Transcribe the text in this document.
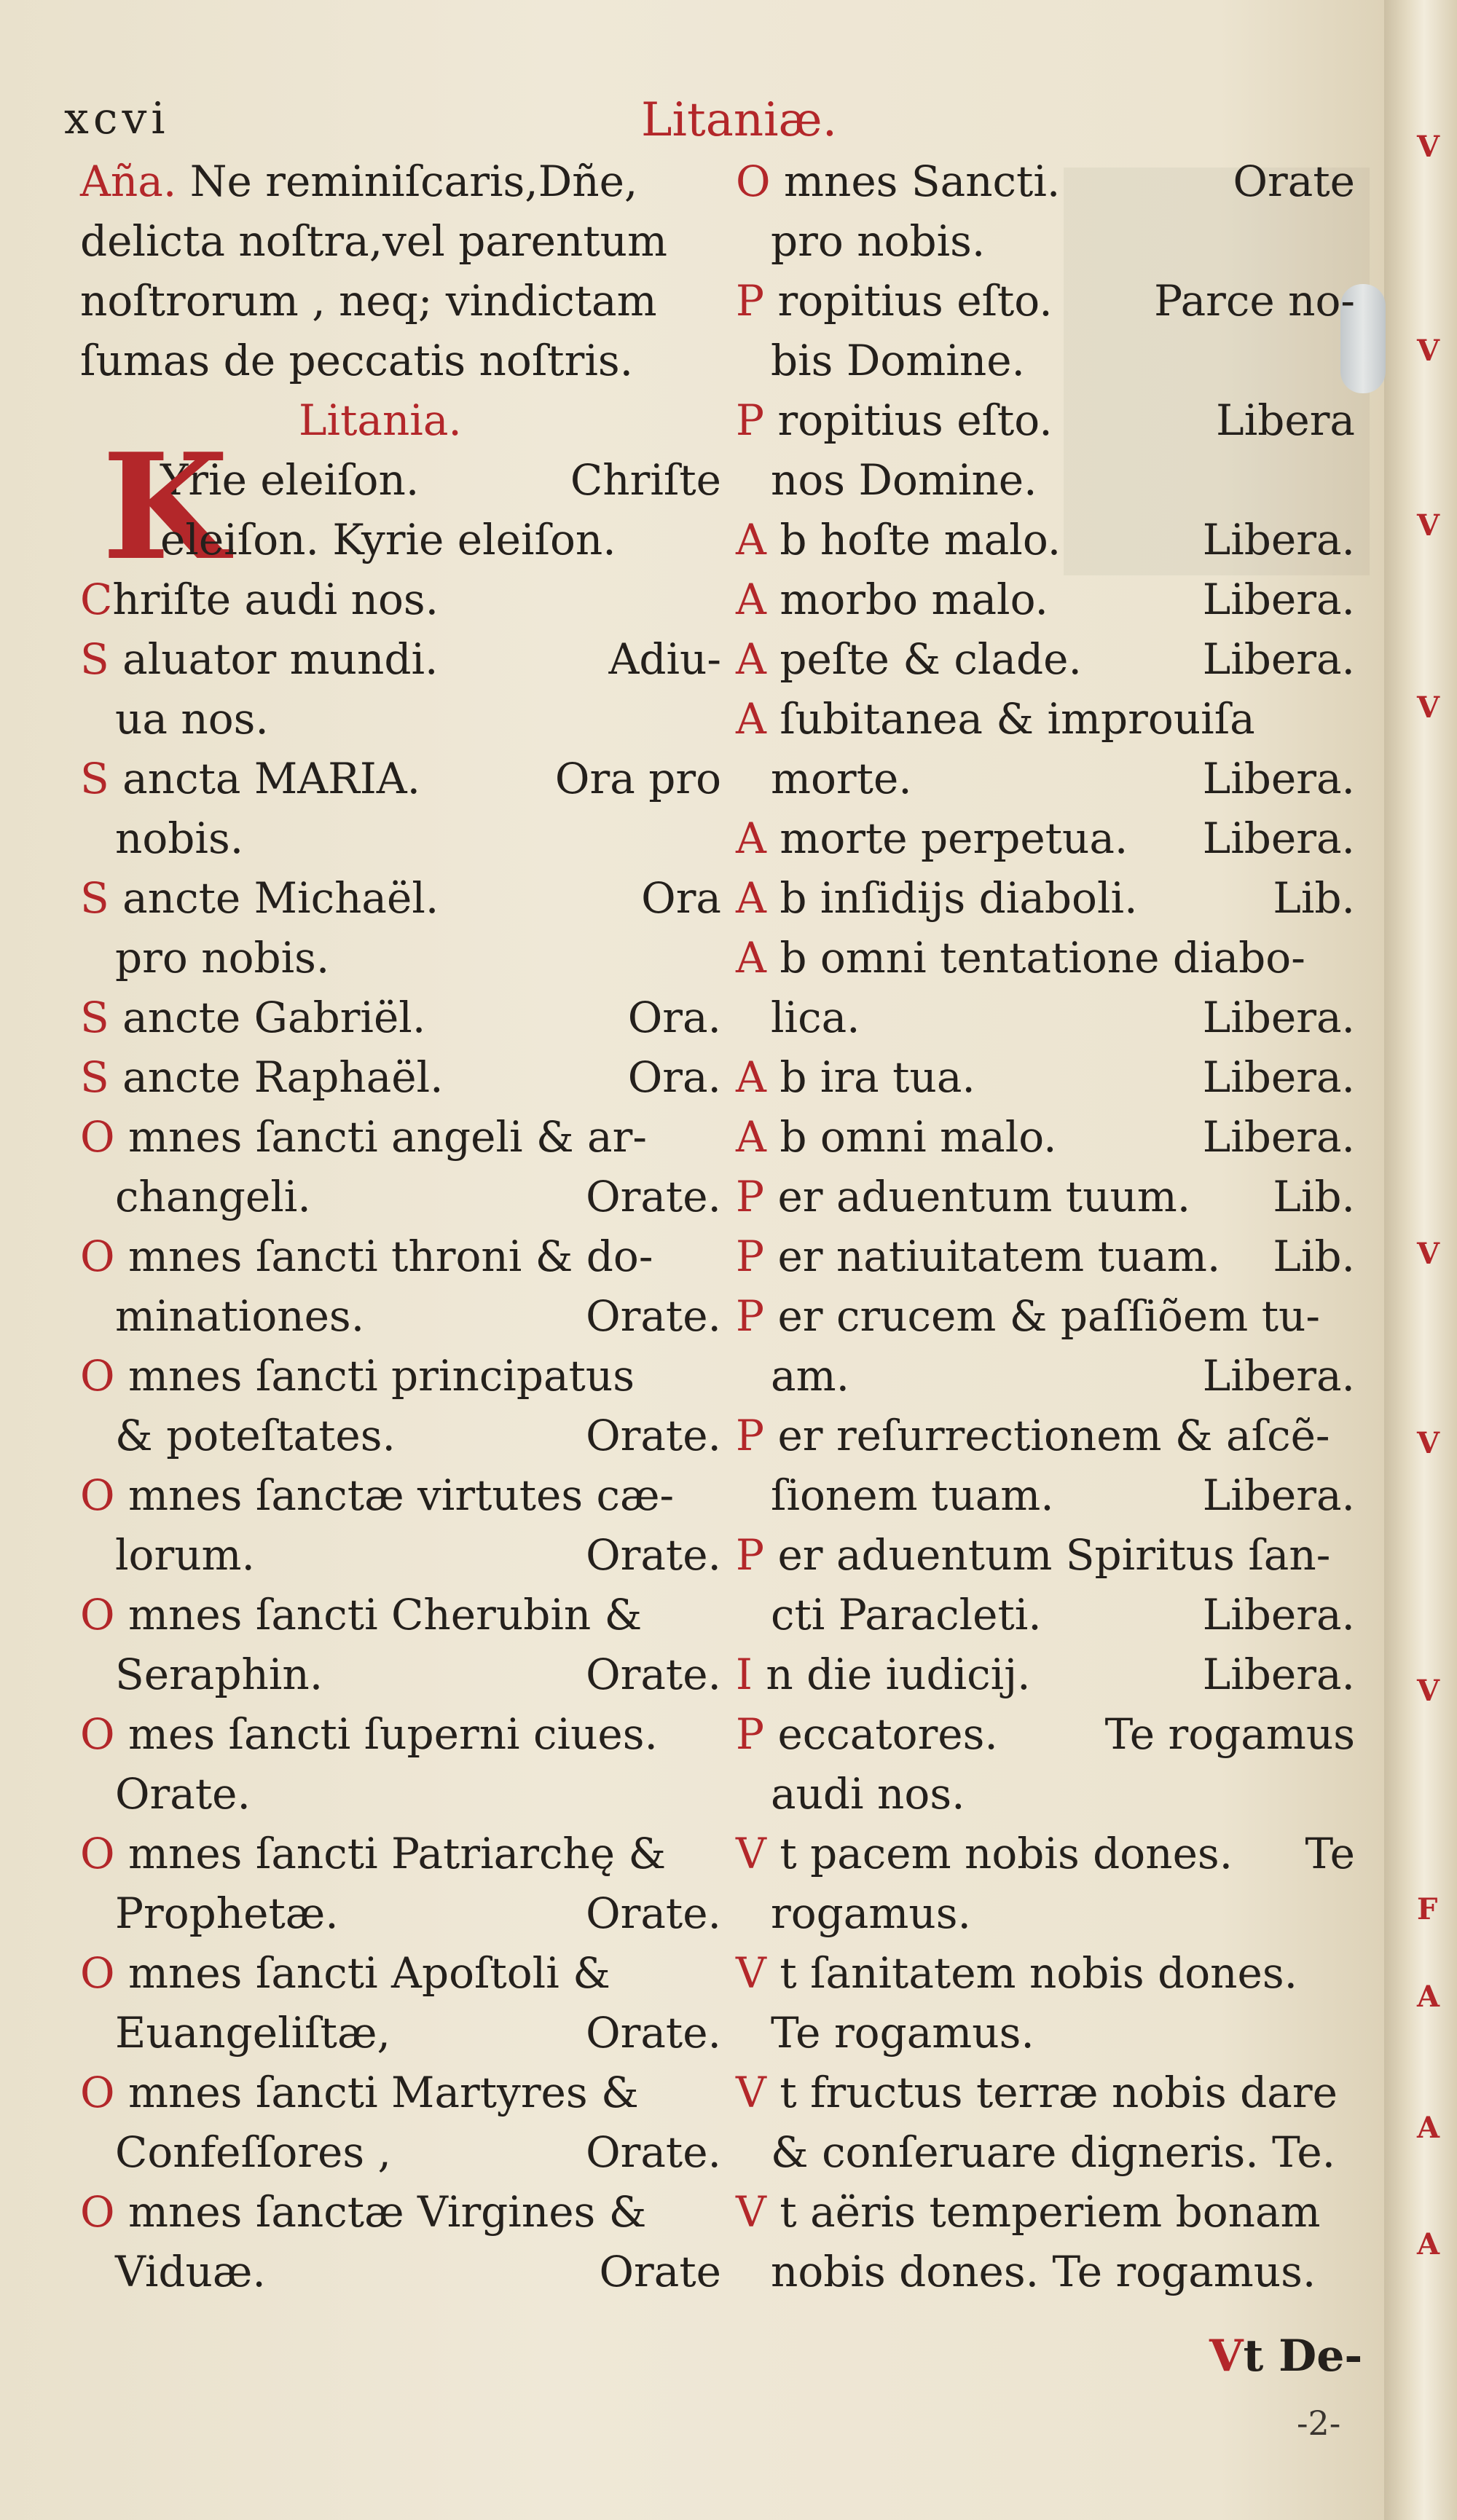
V
V
V
V
V
V
V
F
A
A
A
xcvi	Litaniæ.
Aña. Ne reminiſcaris,Dñe,
delicta noſtra,vel parentum
noſtrorum , neq; vindictam
ſumas de peccatis noſtris.
Litania.
K
Yrie eleiſon.	Chriſte
eleiſon. Kyrie eleiſon.
Chriſte audi nos.
S aluator mundi.	Adiu-
ua nos.
S ancta MARIA.	Ora pro
nobis.
S ancte Michaël.	Ora
pro nobis.
S ancte Gabriël.	Ora.
S ancte Raphaël.	Ora.
O mnes ſancti angeli & ar-
changeli.	Orate.
O mnes ſancti throni & do-
minationes.	Orate.
O mnes ſancti principatus
& poteſtates.	Orate.
O mnes ſanctæ virtutes cæ-
lorum.	Orate.
O mnes ſancti Cherubin &
Seraphin.	Orate.
O mes ſancti ſuperni ciues.
Orate.
O mnes ſancti Patriarchę &
Prophetæ.	Orate.
O mnes ſancti Apoſtoli &
Euangeliſtæ,	Orate.
O mnes ſancti Martyres &
Confeſſores ,	Orate.
O mnes ſanctæ Virgines &
Viduæ.	Orate
O mnes Sancti.	Orate
pro nobis.
P ropitius eſto. Parce no-
bis Domine.
P ropitius eſto.	Libera
nos Domine.
A b hoſte malo.	Libera.
A morbo malo.	Libera.
A peſte & clade.	Libera.
A ſubitanea & improuiſa
morte.	Libera.
A morte perpetua. Libera.
A b inſidijs diaboli.	Lib.
A b omni tentatione diabo-
lica.	Libera.
A b ira tua.	Libera.
A b omni malo.	Libera.
P er aduentum tuum. Lib.
P er natiuitatem tuam. Lib.
P er crucem & paſſiõem tu-
am.	Libera.
P er reſurrectionem & aſcẽ-
ſionem tuam.	Libera.
P er aduentum Spiritus ſan-
cti Paracleti.	Libera.
I n die iudicij.	Libera.
P eccatores.	Te rogamus
audi nos.
V t pacem nobis dones. Te
rogamus.
V t ſanitatem nobis dones.
Te rogamus.
V t fructus terræ nobis dare
& conſeruare digneris. Te.
V t aëris temperiem bonam
nobis dones. Te rogamus.
Vt De-
-2-
